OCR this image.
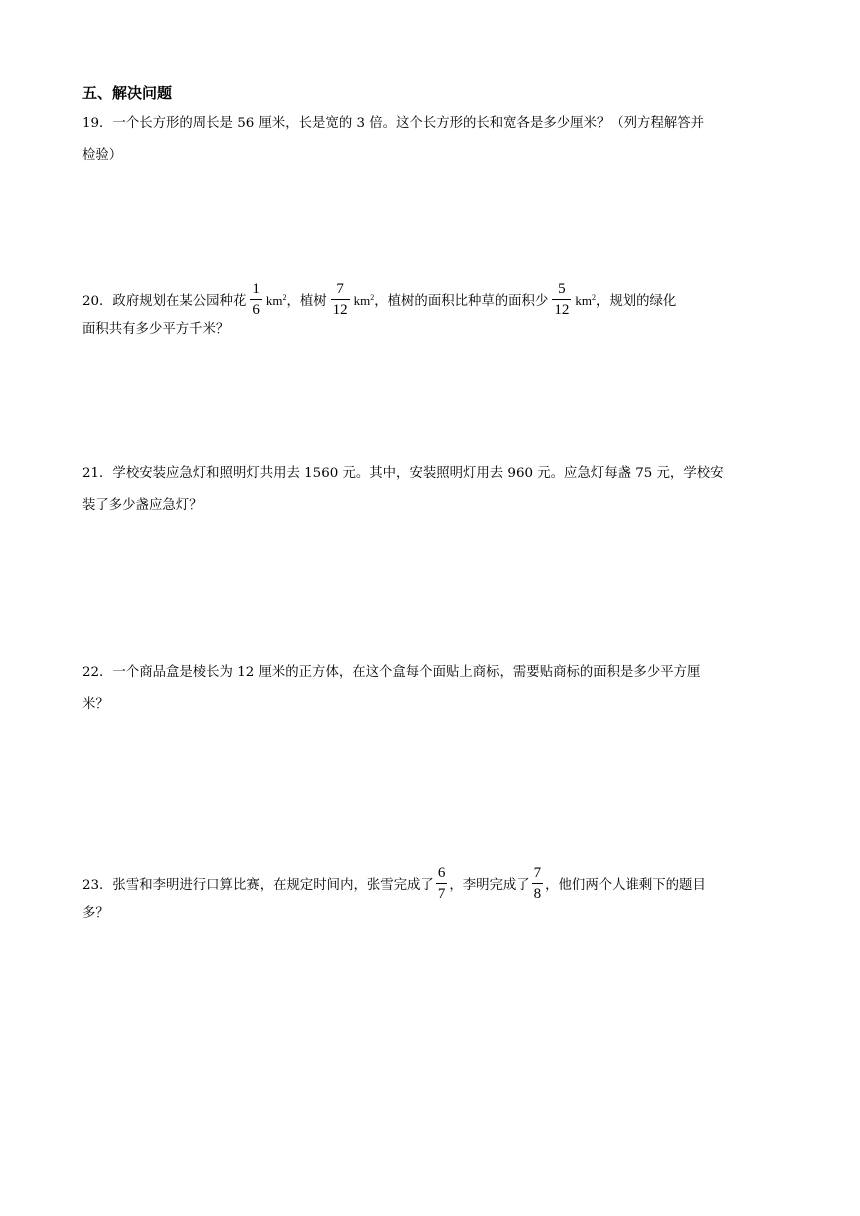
五、解决问题
19．一个长方形的周长是 56 厘米，长是宽的 3 倍。这个长方形的长和宽各是多少厘米？（列方程解答并
检验）
20．政府规划在某公园种花 $\frac{1}{6} km^2$，植树 $\frac{7}{12} km^2$，植树的面积比种草的面积少 $\frac{5}{12} km^2$，规划的绿化
面积共有多少平方千米？
21．学校安装应急灯和照明灯共用去 1560 元。其中，安装照明灯用去 960 元。应急灯每盏 75 元，学校安
装了多少盏应急灯？
22．一个商品盒是棱长为 12 厘米的正方体，在这个盒每个面贴上商标，需要贴商标的面积是多少平方厘
米？
23．张雪和李明进行口算比赛，在规定时间内，张雪完成了 $\frac{6}{7}$ ，李明完成了 $\frac{7}{8}$ ，他们两个人谁剩下的题目
多？
